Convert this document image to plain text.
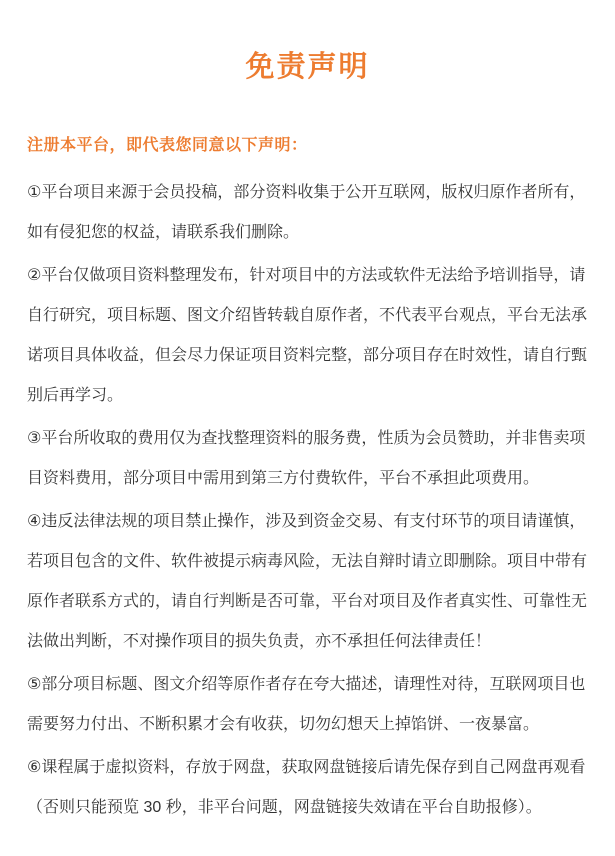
免责声明

注册本平台，即代表您同意以下声明：

①平台项目来源于会员投稿，部分资料收集于公开互联网，版权归原作者所有，
如有侵犯您的权益，请联系我们删除。

②平台仅做项目资料整理发布，针对项目中的方法或软件无法给予培训指导，请
自行研究，项目标题、图文介绍皆转载自原作者，不代表平台观点，平台无法承
诺项目具体收益，但会尽力保证项目资料完整，部分项目存在时效性，请自行甄
别后再学习。

③平台所收取的费用仅为查找整理资料的服务费，性质为会员赞助，并非售卖项
目资料费用，部分项目中需用到第三方付费软件，平台不承担此项费用。

④违反法律法规的项目禁止操作，涉及到资金交易、有支付环节的项目请谨慎，
若项目包含的文件、软件被提示病毒风险，无法自辩时请立即删除。项目中带有
原作者联系方式的，请自行判断是否可靠，平台对项目及作者真实性、可靠性无
法做出判断，不对操作项目的损失负责，亦不承担任何法律责任！

⑤部分项目标题、图文介绍等原作者存在夸大描述，请理性对待，互联网项目也
需要努力付出、不断积累才会有收获，切勿幻想天上掉馅饼、一夜暴富。

⑥课程属于虚拟资料，存放于网盘，获取网盘链接后请先保存到自己网盘再观看
（否则只能预览 30 秒，非平台问题，网盘链接失效请在平台自助报修）。
